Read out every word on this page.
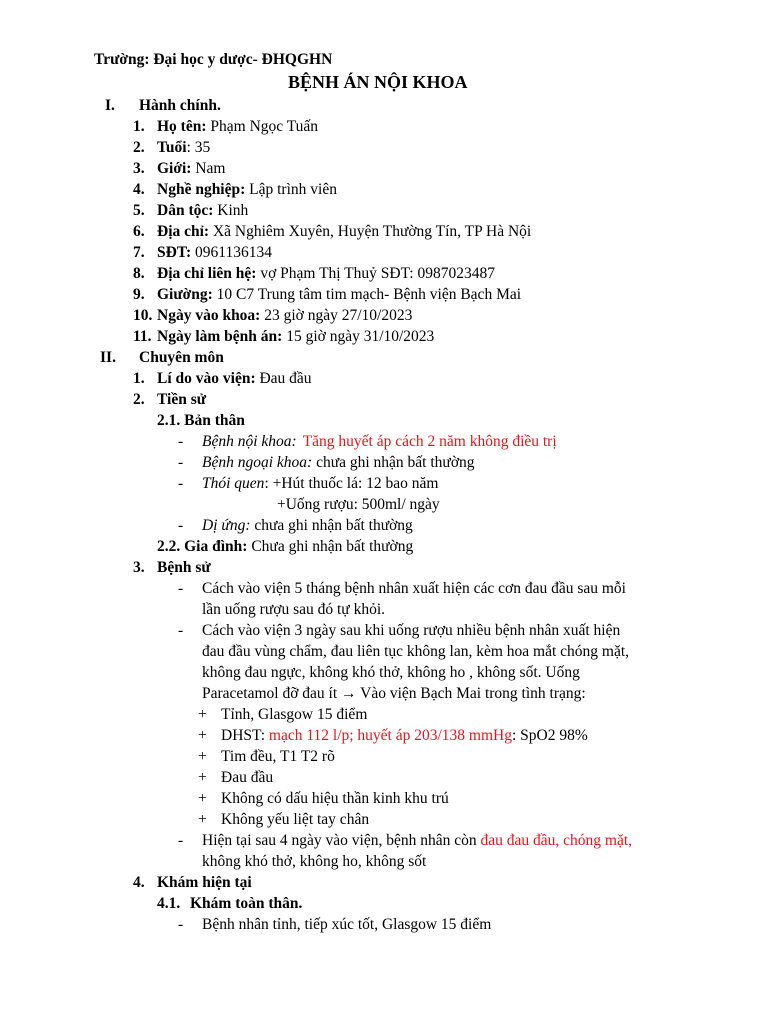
Trường: Đại học y dược- ĐHQGHN
BỆNH ÁN NỘI KHOA
I. Hành chính.
1. Họ tên: Phạm Ngọc Tuấn
2. Tuổi: 35
3. Giới: Nam
4. Nghề nghiệp: Lập trình viên
5. Dân tộc: Kinh
6. Địa chỉ: Xã Nghiêm Xuyên, Huyện Thường Tín, TP Hà Nội
7. SĐT: 0961136134
8. Địa chỉ liên hệ: vợ Phạm Thị Thuỷ SĐT: 0987023487
9. Giường: 10 C7 Trung tâm tim mạch- Bệnh viện Bạch Mai
10. Ngày vào khoa: 23 giờ ngày 27/10/2023
11. Ngày làm bệnh án: 15 giờ ngày 31/10/2023
II. Chuyên môn
1. Lí do vào viện: Đau đầu
2. Tiền sử
2.1. Bản thân
- Bệnh nội khoa: Tăng huyết áp cách 2 năm không điều trị
- Bệnh ngoại khoa: chưa ghi nhận bất thường
- Thói quen: +Hút thuốc lá: 12 bao năm
+Uống rượu: 500ml/ ngày
- Dị ứng: chưa ghi nhận bất thường
2.2. Gia đình: Chưa ghi nhận bất thường
3. Bệnh sử
- Cách vào viện 5 tháng bệnh nhân xuất hiện các cơn đau đầu sau mỗi
lần uống rượu sau đó tự khỏi.
- Cách vào viện 3 ngày sau khi uống rượu nhiều bệnh nhân xuất hiện
đau đầu vùng chẩm, đau liên tục không lan, kèm hoa mắt chóng mặt,
không đau ngực, không khó thở, không ho , không sốt. Uống
Paracetamol đỡ đau ít → Vào viện Bạch Mai trong tình trạng:
+ Tỉnh, Glasgow 15 điểm
+ DHST: mạch 112 l/p; huyết áp 203/138 mmHg: SpO2 98%
+ Tim đều, T1 T2 rõ
+ Đau đầu
+ Không có dấu hiệu thần kinh khu trú
+ Không yếu liệt tay chân
- Hiện tại sau 4 ngày vào viện, bệnh nhân còn đau đau đầu, chóng mặt,
không khó thở, không ho, không sốt
4. Khám hiện tại
4.1. Khám toàn thân.
- Bệnh nhân tỉnh, tiếp xúc tốt, Glasgow 15 điểm
